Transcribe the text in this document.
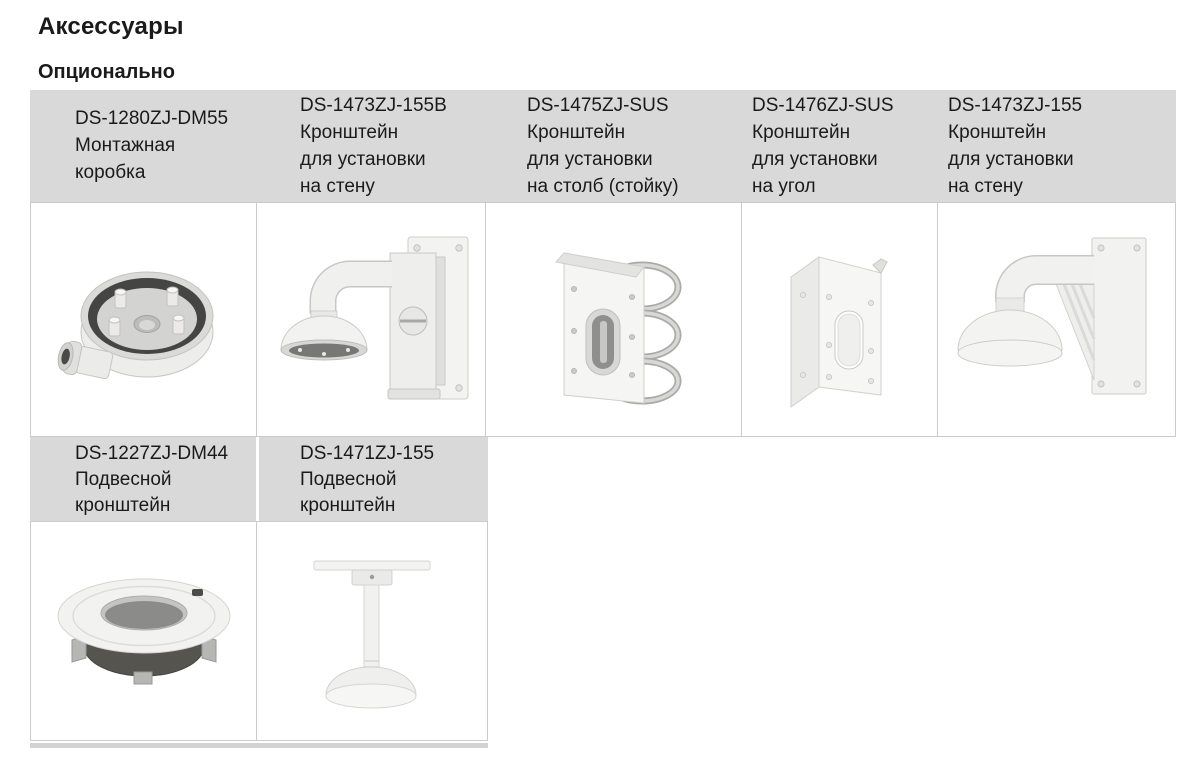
Аксессуары
Опционально
DS-1280ZJ-DM55
Монтажная
коробка
DS-1473ZJ-155B
Кронштейн
для установки
на стену
DS-1475ZJ-SUS
Кронштейн
для установки
на столб (стойку)
DS-1476ZJ-SUS
Кронштейн
для установки
на угол
DS-1473ZJ-155
Кронштейн
для установки
на стену
DS-1227ZJ-DM44
Подвесной
кронштейн
DS-1471ZJ-155
Подвесной
кронштейн
